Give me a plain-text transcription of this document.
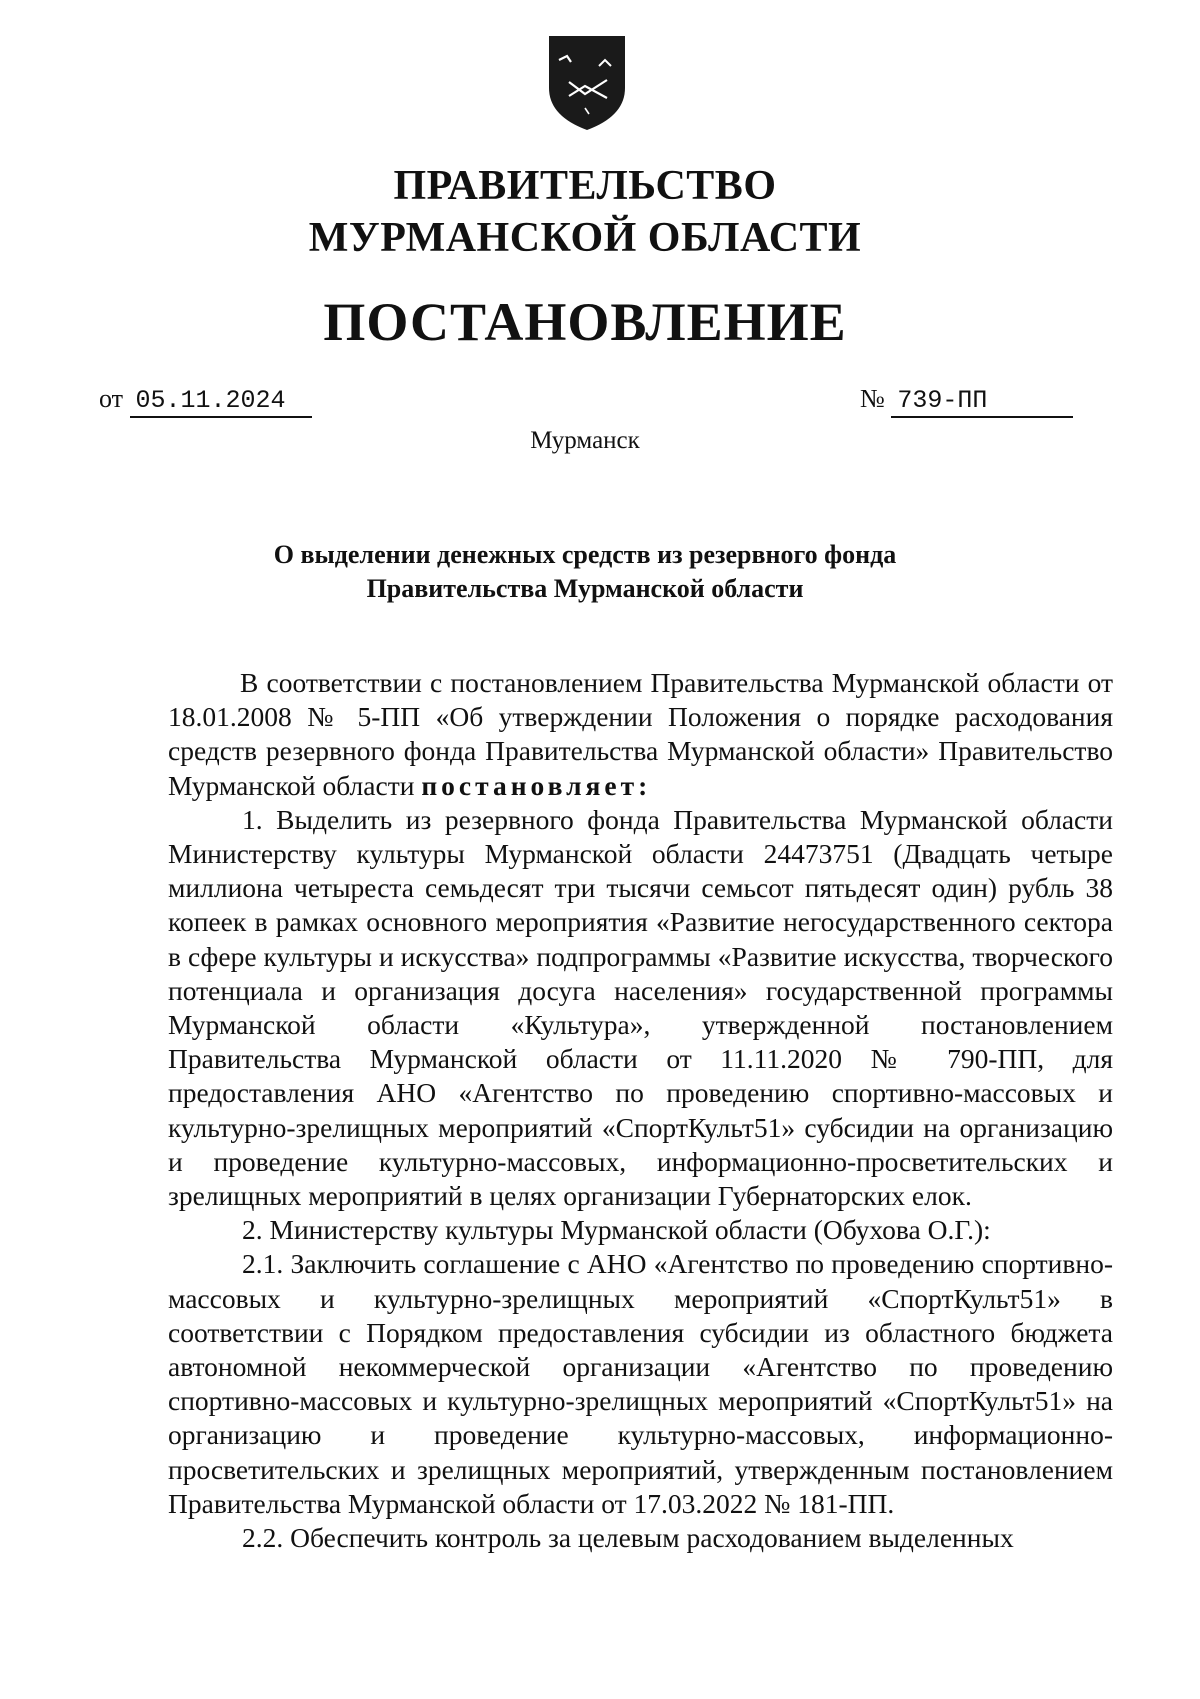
ПРАВИТЕЛЬСТВО
МУРМАНСКОЙ ОБЛАСТИ
ПОСТАНОВЛЕНИЕ
от 05.11.2024	№ 739-ПП
Мурманск
О выделении денежных средств из резервного фонда
Правительства Мурманской области

В соответствии с постановлением Правительства Мурманской области от 18.01.2008 № 5-ПП «Об утверждении Положения о порядке расходования средств резервного фонда Правительства Мурманской области» Правительство Мурманской области постановляет:

1. Выделить из резервного фонда Правительства Мурманской области Министерству культуры Мурманской области 24473751 (Двадцать четыре миллиона четыреста семьдесят три тысячи семьсот пятьдесят один) рубль 38 копеек в рамках основного мероприятия «Развитие негосударственного сектора в сфере культуры и искусства» подпрограммы «Развитие искусства, творческого потенциала и организация досуга населения» государственной программы Мурманской области «Культура», утвержденной постановлением Правительства Мурманской области от 11.11.2020 № 790-ПП, для предоставления АНО «Агентство по проведению спортивно-массовых и культурно-зрелищных мероприятий «СпортКульт51» субсидии на организацию и проведение культурно-массовых, информационно-просветительских и зрелищных мероприятий в целях организации Губернаторских елок.

2. Министерству культуры Мурманской области (Обухова О.Г.):

2.1. Заключить соглашение с АНО «Агентство по проведению спортивно-массовых и культурно-зрелищных мероприятий «СпортКульт51» в соответствии с Порядком предоставления субсидии из областного бюджета автономной некоммерческой организации «Агентство по проведению спортивно-массовых и культурно-зрелищных мероприятий «СпортКульт51» на организацию и проведение культурно-массовых, информационно-просветительских и зрелищных мероприятий, утвержденным постановлением Правительства Мурманской области от 17.03.2022 № 181-ПП.

2.2. Обеспечить контроль за целевым расходованием выделенных
